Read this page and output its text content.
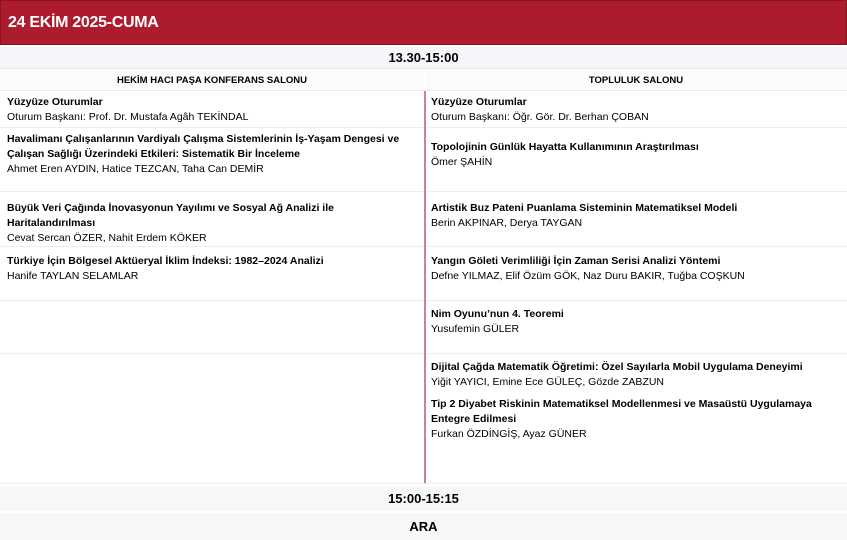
24 EKİM 2025-CUMA
13.30-15:00
HEKİM HACI PAŞA KONFERANS SALONU	TOPLULUK SALONU
Yüzyüze Oturumlar
Oturum Başkanı: Prof. Dr. Mustafa Agâh TEKİNDAL
Havalimanı Çalışanlarının Vardiyalı Çalışma Sistemlerinin İş-Yaşam Dengesi ve Çalışan Sağlığı Üzerindeki Etkileri: Sistematik Bir İnceleme
Ahmet Eren AYDIN, Hatice TEZCAN, Taha Can DEMİR
Büyük Veri Çağında İnovasyonun Yayılımı ve Sosyal Ağ Analizi ile Haritalandırılması
Cevat Sercan ÖZER, Nahit Erdem KÖKER
Türkiye İçin Bölgesel Aktüeryal İklim İndeksi: 1982–2024 Analizi
Hanife TAYLAN SELAMLAR
Yüzyüze Oturumlar
Oturum Başkanı: Öğr. Gör. Dr. Berhan ÇOBAN
Topolojinin Günlük Hayatta Kullanımının Araştırılması
Ömer ŞAHİN
Artistik Buz Pateni Puanlama Sisteminin Matematiksel Modeli
Berin AKPINAR, Derya TAYGAN
Yangın Göleti Verimliliği İçin Zaman Serisi Analizi Yöntemi
Defne YILMAZ, Elif Özüm GÖK, Naz Duru BAKIR, Tuğba COŞKUN
Nim Oyunu’nun 4. Teoremi
Yusufemin GÜLER
Dijital Çağda Matematik Öğretimi: Özel Sayılarla Mobil Uygulama Deneyimi
Yiğit YAYICI, Emine Ece GÜLEÇ, Gözde ZABZUN
Tip 2 Diyabet Riskinin Matematiksel Modellenmesi ve Masaüstü Uygulamaya Entegre Edilmesi
Furkan ÖZDİNGİŞ, Ayaz GÜNER
15:00-15:15
ARA
